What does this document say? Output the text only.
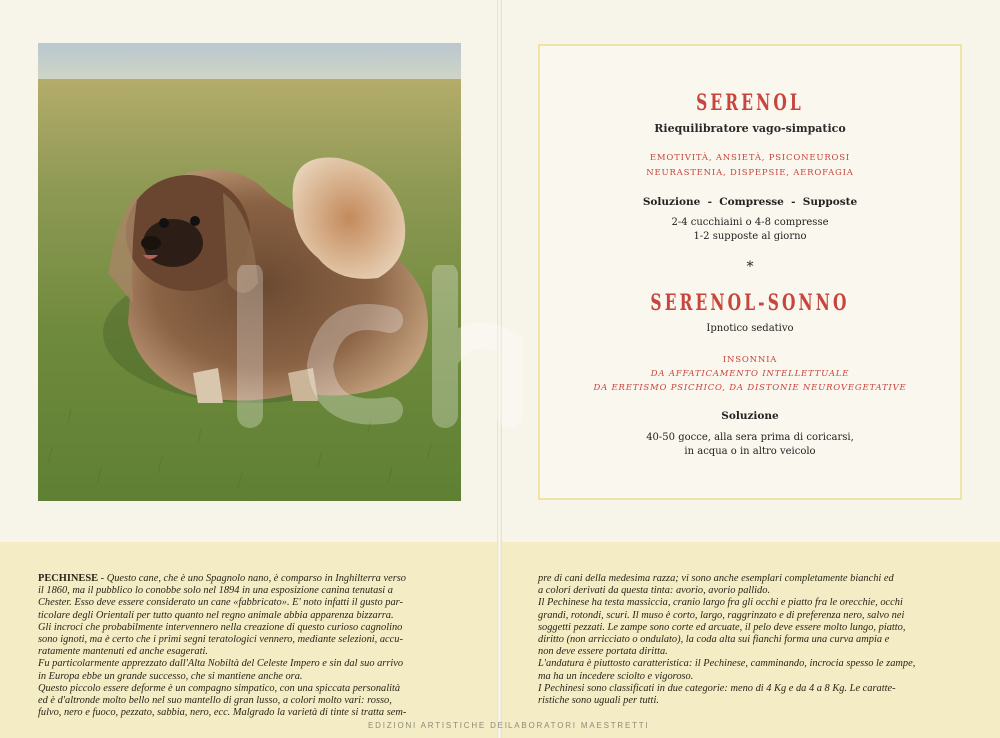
SERENOL

Riequilibratore vago-simpatico

EMOTIVITÀ, ANSIETÀ, PSICONEUROSI

NEURASTENIA, DISPEPSIE, AEROFAGIA

Soluzione  -  Compresse  -  Supposte

2-4 cucchiaini o 4-8 compresse

1-2 supposte al giorno

*

SERENOL-SONNO

Ipnotico sedativo

INSONNIA

DA AFFATICAMENTO INTELLETTUALE

DA ERETISMO PSICHICO, DA DISTONIE NEUROVEGETATIVE

Soluzione

40-50 gocce, alla sera prima di coricarsi,

in acqua o in altro veicolo

PECHINESE - Questo cane, che è uno Spagnolo nano, è comparso in Inghilterra verso

il 1860, ma il pubblico lo conobbe solo nel 1894 in una esposizione canina tenutasi a

Chester. Esso deve essere considerato un cane «fabbricato». E' noto infatti il gusto par-

ticolare degli Orientali per tutto quanto nel regno animale abbia apparenza bizzarra.

Gli incroci che probabilmente intervennero nella creazione di questo curioso cagnolino

sono ignoti, ma è certo che i primi segni teratologici vennero, mediante selezioni, accu-

ratamente mantenuti ed anche esagerati.

Fu particolarmente apprezzato dall'Alta Nobiltà del Celeste Impero e sin dal suo arrivo

in Europa ebbe un grande successo, che si mantiene anche ora.

Questo piccolo essere deforme è un compagno simpatico, con una spiccata personalità

ed è d'altronde molto bello nel suo mantello di gran lusso, a colori molto vari: rosso,

fulvo, nero e fuoco, pezzato, sabbia, nero, ecc. Malgrado la varietà di tinte si tratta sem-

pre di cani della medesima razza; vi sono anche esemplari completamente bianchi ed

a colori derivati da questa tinta: avorio, avorio pallido.

Il Pechinese ha testa massiccia, cranio largo fra gli occhi e piatto fra le orecchie, occhi

grandi, rotondi, scuri. Il muso è corto, largo, raggrinzato e di preferenza nero, salvo nei

soggetti pezzati. Le zampe sono corte ed arcuate, il pelo deve essere molto lungo, piatto,

diritto (non arricciato o ondulato), la coda alta sui fianchi forma una curva ampia e

non deve essere portata diritta.

L'andatura è piuttosto caratteristica: il Pechinese, camminando, incrocia spesso le zampe,

ma ha un incedere sciolto e vigoroso.

I Pechinesi sono classificati in due categorie: meno di 4 Kg e da 4 a 8 Kg. Le caratte-

ristiche sono uguali per tutti.

EDIZIONI ARTISTICHE DEI LABORATORI MAESTRETTI
